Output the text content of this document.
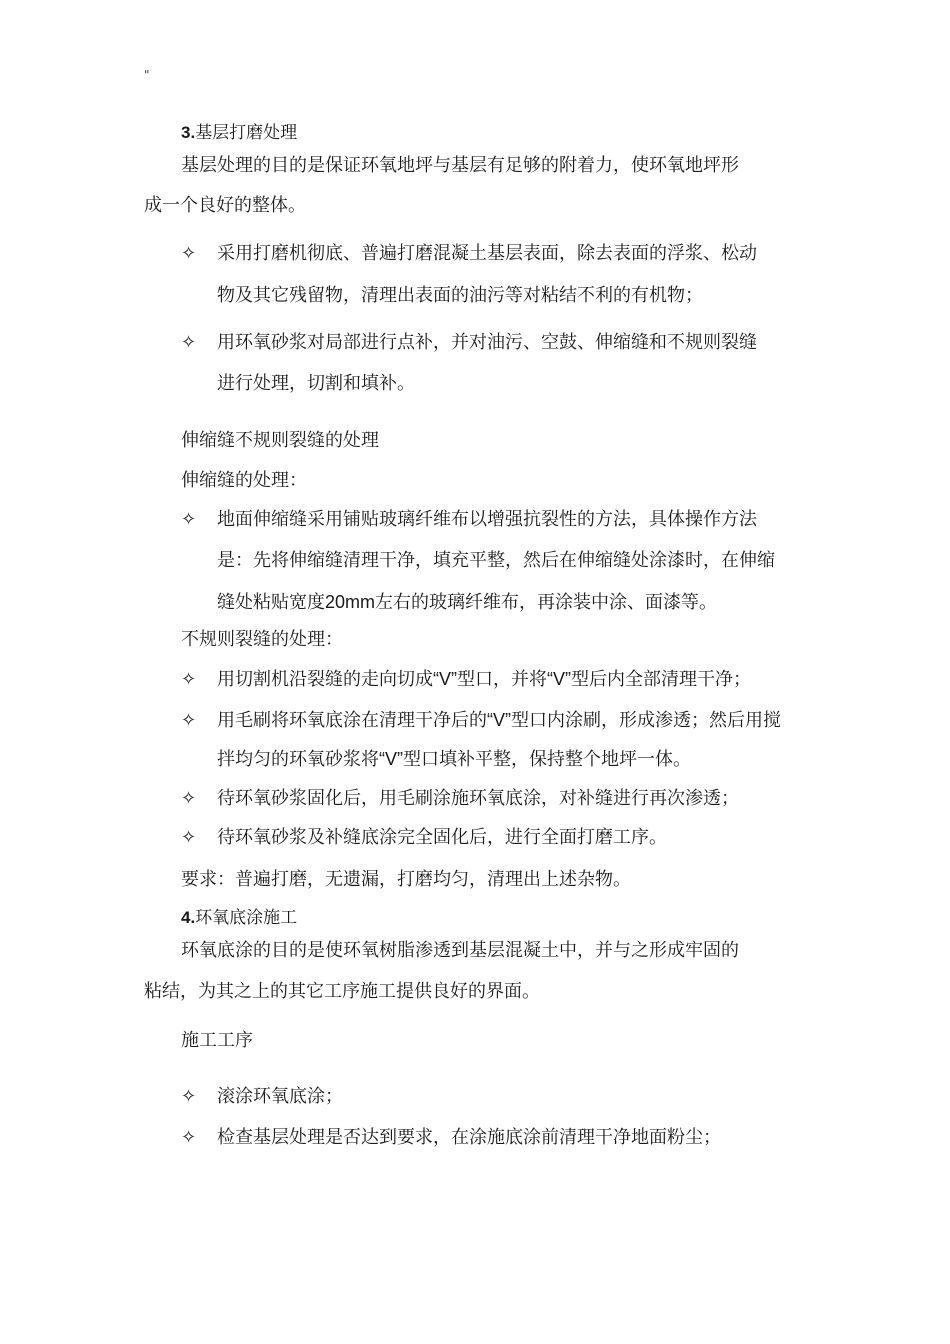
"
3.基层打磨处理
基层处理的目的是保证环氧地坪与基层有足够的附着力，使环氧地坪形
成一个良好的整体。
✧ 采用打磨机彻底、普遍打磨混凝土基层表面，除去表面的浮浆、松动
物及其它残留物，清理出表面的油污等对粘结不利的有机物；
✧ 用环氧砂浆对局部进行点补，并对油污、空鼓、伸缩缝和不规则裂缝
进行处理，切割和填补。
伸缩缝不规则裂缝的处理
伸缩缝的处理：
✧ 地面伸缩缝采用铺贴玻璃纤维布以增强抗裂性的方法，具体操作方法
是：先将伸缩缝清理干净，填充平整，然后在伸缩缝处涂漆时，在伸缩
缝处粘贴宽度20mm左右的玻璃纤维布，再涂装中涂、面漆等。
不规则裂缝的处理：
✧ 用切割机沿裂缝的走向切成“V”型口，并将“V”型后内全部清理干净；
✧ 用毛刷将环氧底涂在清理干净后的“V”型口内涂刷，形成渗透；然后用搅
拌均匀的环氧砂浆将“V”型口填补平整，保持整个地坪一体。
✧ 待环氧砂浆固化后，用毛刷涂施环氧底涂，对补缝进行再次渗透；
✧ 待环氧砂浆及补缝底涂完全固化后，进行全面打磨工序。
要求：普遍打磨，无遗漏，打磨均匀，清理出上述杂物。
4.环氧底涂施工
环氧底涂的目的是使环氧树脂渗透到基层混凝土中，并与之形成牢固的
粘结，为其之上的其它工序施工提供良好的界面。
施工工序
✧ 滚涂环氧底涂；
✧ 检查基层处理是否达到要求，在涂施底涂前清理干净地面粉尘；
